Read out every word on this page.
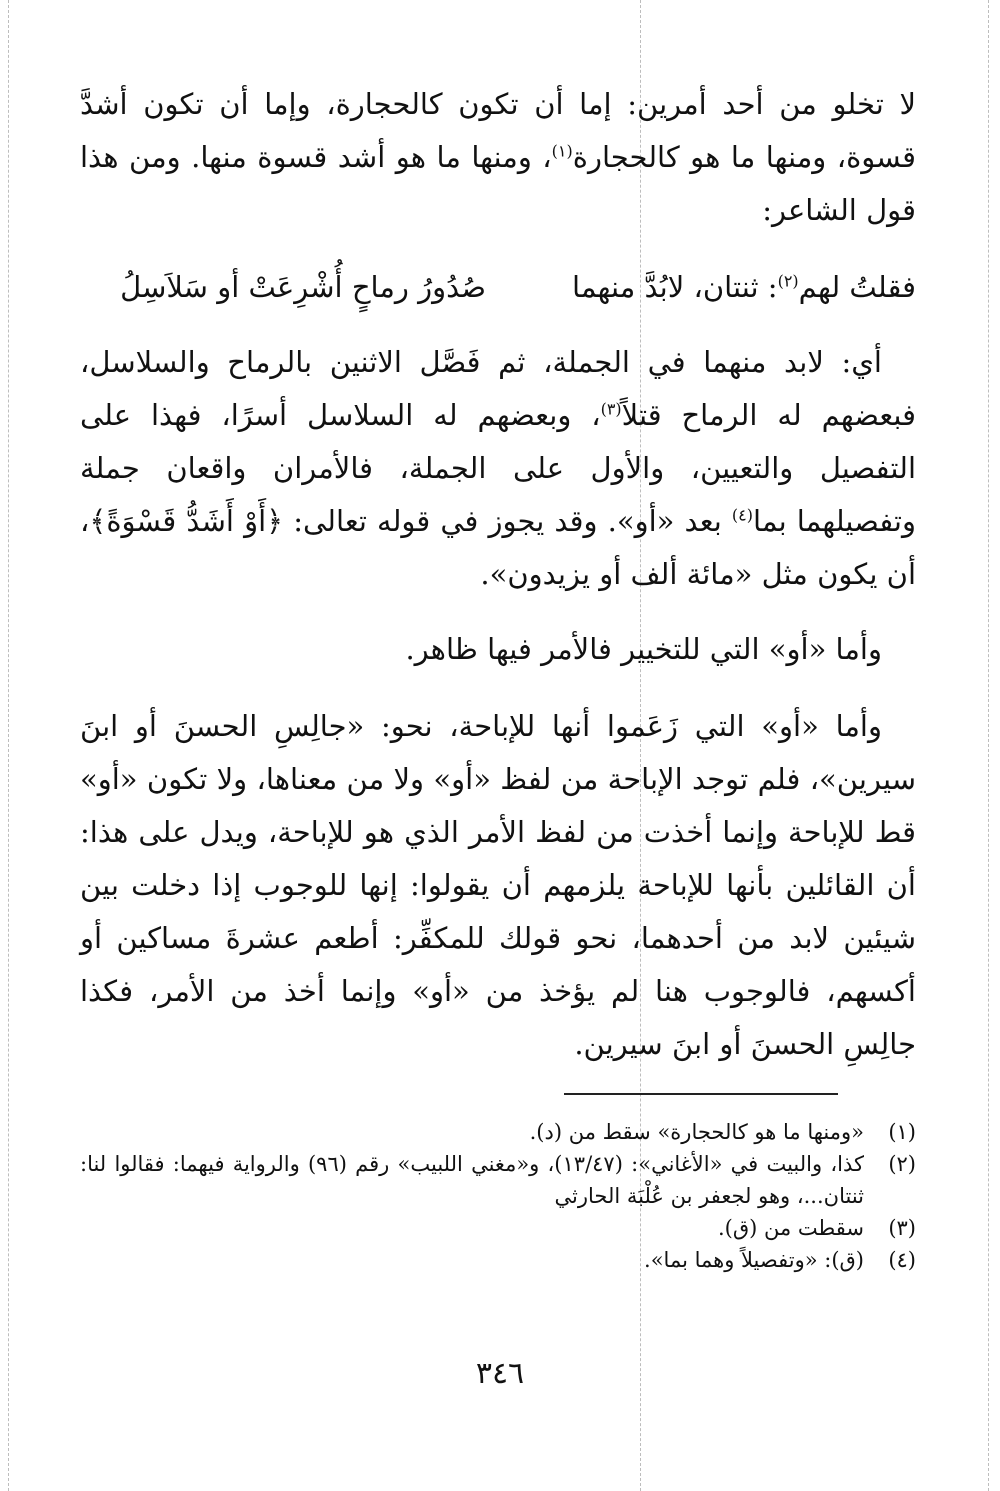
لا تخلو من أحد أمرين: إما أن تكون كالحجارة، وإما أن تكون أشدَّ قسوة، ومنها ما هو كالحجارة$^{(١)}$، ومنها ما هو أشد قسوة منها. ومن هذا قول الشاعر:

فقلتُ لهم$^{(٢)}$: ثنتان، لابُدَّ منهما
صُدُورُ رماحٍ أُشْرِعَتْ أو سَلاَسِلُ

أي: لابد منهما في الجملة، ثم فَصَّل الاثنين بالرماح والسلاسل، فبعضهم له الرماح قتلاً$^{(٣)}$، وبعضهم له السلاسل أسرًا، فهذا على التفصيل والتعيين، والأول على الجملة، فالأمران واقعان جملة وتفصيلهما بما$^{(٤)}$ بعد «أو». وقد يجوز في قوله تعالى: ﴿أَوْ أَشَدُّ قَسْوَةً﴾، أن يكون مثل «مائة ألف أو يزيدون».

وأما «أو» التي للتخيير فالأمر فيها ظاهر.

وأما «أو» التي زَعَموا أنها للإباحة، نحو: «جالِسِ الحسنَ أو ابنَ سيرين»، فلم توجد الإباحة من لفظ «أو» ولا من معناها، ولا تكون «أو» قط للإباحة وإنما أخذت من لفظ الأمر الذي هو للإباحة، ويدل على هذا: أن القائلين بأنها للإباحة يلزمهم أن يقولوا: إنها للوجوب إذا دخلت بين شيئين لابد من أحدهما، نحو قولك للمكفِّر: أطعم عشرةَ مساكين أو أكسهم، فالوجوب هنا لم يؤخذ من «أو» وإنما أخذ من الأمر، فكذا جالِسِ الحسنَ أو ابنَ سيرين.

(١)
«ومنها ما هو كالحجارة» سقط من (د).
(٢)
كذا، والبيت في «الأغاني»: (١٣/٤٧)، و«مغني اللبيب» رقم (٩٦) والرواية فيهما: فقالوا لنا: ثنتان...، وهو لجعفر بن عُلْبَة الحارثي
(٣)
سقطت من (ق).
(٤)
(ق): «وتفصيلاً وهما بما».
٣٤٦
